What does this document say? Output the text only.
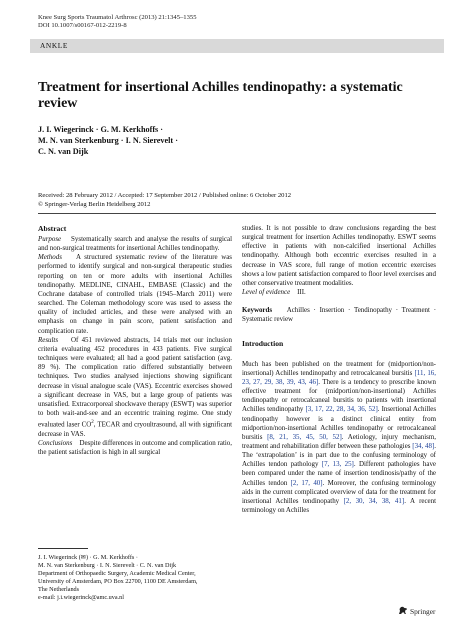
Knee Surg Sports Traumatol Arthrosc (2013) 21:1345–1355
DOI 10.1007/s00167-012-2219-8
ANKLE
Treatment for insertional Achilles tendinopathy: a systematic review
J. I. Wiegerinck · G. M. Kerkhoffs ·
M. N. van Sterkenburg · I. N. Sierevelt ·
C. N. van Dijk
Received: 28 February 2012 / Accepted: 17 September 2012 / Published online: 6 October 2012
© Springer-Verlag Berlin Heidelberg 2012
Abstract

Purpose Systematically search and analyse the results of surgical and non-surgical treatments for insertional Achilles tendinopathy.

Methods A structured systematic review of the literature was performed to identify surgical and non-surgical therapeutic studies reporting on ten or more adults with insertional Achilles tendinopathy. MEDLINE, CINAHL, EMBASE (Classic) and the Cochrane database of controlled trials (1945–March 2011) were searched. The Coleman methodology score was used to assess the quality of included articles, and these were analysed with an emphasis on change in pain score, patient satisfaction and complication rate.

Results Of 451 reviewed abstracts, 14 trials met our inclusion criteria evaluating 452 procedures in 433 patients. Five surgical techniques were evaluated; all had a good patient satisfaction (avg. 89 %). The complication ratio differed substantially between techniques. Two studies analysed injections showing significant decrease in visual analogue scale (VAS). Eccentric exercises showed a significant decrease in VAS, but a large group of patients was unsatisfied. Extracorporeal shockwave therapy (ESWT) was superior to both wait-and-see and an eccentric training regime. One study evaluated laser $CO^2$, TECAR and cryoultrasound, all with significant decrease in VAS.

Conclusions Despite differences in outcome and complication ratio, the patient satisfaction is high in all surgical

studies. It is not possible to draw conclusions regarding the best surgical treatment for insertion Achilles tendinopathy. ESWT seems effective in patients with non-calcified insertional Achilles tendinopathy. Although both eccentric exercises resulted in a decrease in VAS score, full range of motion eccentric exercises shows a low patient satisfaction compared to floor level exercises and other conservative treatment modalities.
Level of evidence III.

Keywords Achilles · Insertion · Tendinopathy · Treatment · Systematic review

Introduction

Much has been published on the treatment for (midportion/non-insertional) Achilles tendinopathy and retrocalcaneal bursitis [11, 16, 23, 27, 29, 38, 39, 43, 46]. There is a tendency to prescribe known effective treatment for (midportion/non-insertional) Achilles tendinopathy or retrocalcaneal bursitis to patients with insertional Achilles tendinopathy [3, 17, 22, 28, 34, 36, 52]. Insertional Achilles tendinopathy however is a distinct clinical entity from midportion/non-insertional Achilles tendinopathy or retrocalcaneal bursitis [8, 21, 35, 45, 50, 52]. Aetiology, injury mechanism, treatment and rehabilitation differ between these pathologies [34, 48]. The ‘extrapolation’ is in part due to the confusing terminology of Achilles tendon pathology [7, 13, 25]. Different pathologies have been compared under the name of insertion tendinosis/pathy of the Achilles tendon [2, 17, 40]. Moreover, the confusing terminology aids in the current complicated overview of data for the treatment for insertional Achilles tendinopathy [2, 30, 34, 38, 41]. A recent terminology on Achilles

J. I. Wiegerinck (✉) · G. M. Kerkhoffs ·
M. N. van Sterkenburg · I. N. Sierevelt · C. N. van Dijk
Department of Orthopaedic Surgery, Academic Medical Center,
University of Amsterdam, PO Box 22700, 1100 DE Amsterdam,
The Netherlands
e-mail: j.i.wiegerinck@amc.uva.nl
Springer
